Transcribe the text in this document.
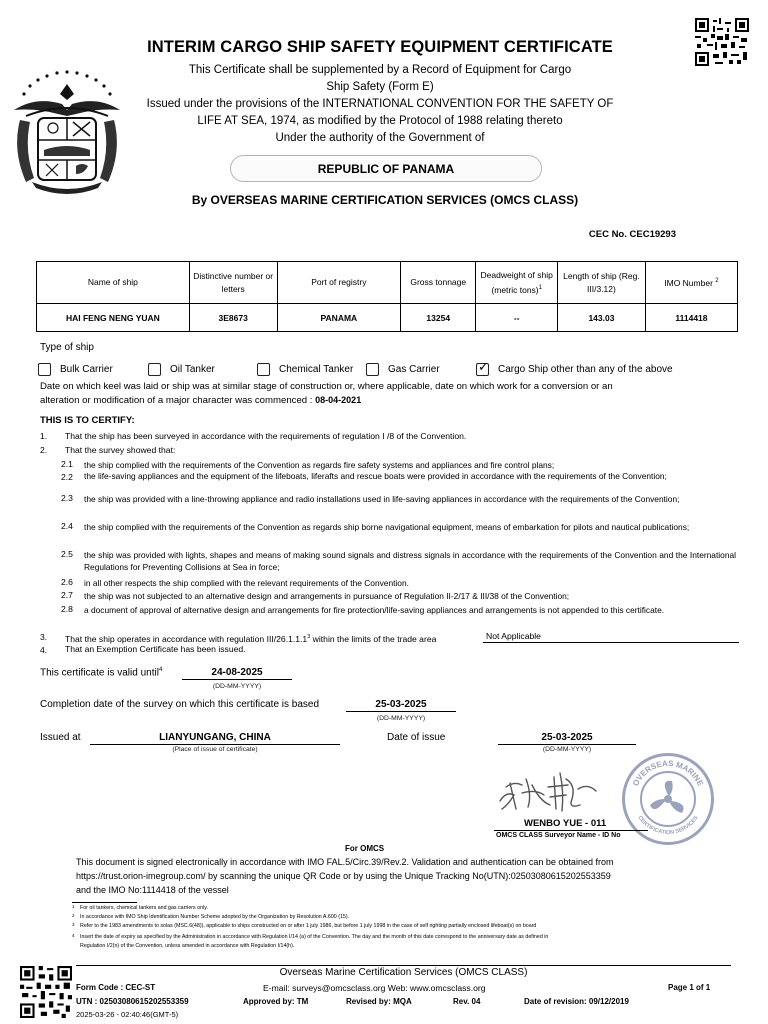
INTERIM CARGO SHIP SAFETY EQUIPMENT CERTIFICATE
This Certificate shall be supplemented by a Record of Equipment for Cargo
Ship Safety (Form E)
Issued under the provisions of the INTERNATIONAL CONVENTION FOR THE SAFETY OF
LIFE AT SEA, 1974, as modified by the Protocol of 1988 relating thereto
Under the authority of the Government of
REPUBLIC OF PANAMA
By OVERSEAS MARINE CERTIFICATION SERVICES (OMCS CLASS)
CEC No. CEC19293
Name of ship	Distinctive number or letters	Port of registry	Gross tonnage	Deadweight of ship (metric tons)$^1$	Length of ship (Reg. III/3.12)	IMO Number $^2$
HAI FENG NENG YUAN	3E8673	PANAMA	13254	--	143.03	1114418
Type of ship
Bulk Carrier	Oil Tanker	Chemical Tanker	Gas Carrier	✓ Cargo Ship other than any of the above
Date on which keel was laid or ship was at similar stage of construction or, where applicable, date on which work for a conversion or an
alteration or modification of a major character was commenced : 08-04-2021
THIS IS TO CERTIFY:
1. That the ship has been surveyed in accordance with the requirements of regulation I /8 of the Convention.
2. That the survey showed that:
2.1 the ship complied with the requirements of the Convention as regards fire safety systems and appliances and fire control plans;
2.2 the life-saving appliances and the equipment of the lifeboats, liferafts and rescue boats were provided in accordance with the requirements of the Convention;
2.3 the ship was provided with a line-throwing appliance and radio installations used in life-saving appliances in accordance with the requirements of the Convention;
2.4 the ship complied with the requirements of the Convention as regards ship borne navigational equipment, means of embarkation for pilots and nautical publications;
2.5 the ship was provided with lights, shapes and means of making sound signals and distress signals in accordance with the requirements of the Convention and the International Regulations for Preventing Collisions at Sea in force;
2.6 in all other respects the ship complied with the relevant requirements of the Convention.
2.7 the ship was not subjected to an alternative design and arrangements in pursuance of Regulation II-2/17 & III/38 of the Convention;
2.8 a document of approval of alternative design and arrangements for fire protection/life-saving appliances and arrangements is not appended to this certificate.
3. That the ship operates in accordance with regulation III/26.1.1.1$^3$ within the limits of the trade area	Not Applicable
4. That an Exemption Certificate has been issued.
This certificate is valid until$^4$	24-08-2025
(DD-MM-YYYY)
Completion date of the survey on which this certificate is based	25-03-2025
(DD-MM-YYYY)
Issued at	LIANYUNGANG, CHINA
(Place of issue of certificate)
Date of issue	25-03-2025
(DD-MM-YYYY)
OVERSEAS MARINE
CERTIFICATION SERVICES
WENBO YUE - 011
OMCS CLASS Surveyor Name - ID No
For OMCS
This document is signed electronically in accordance with IMO FAL.5/Circ.39/Rev.2. Validation and authentication can be obtained from
https://trust.orion-imegroup.com/ by scanning the unique QR Code or by using the Unique Tracking No(UTN):02503080615202553359
and the IMO No:1114418 of the vessel
1 For oil tankers, chemical tankers and gas carriers only.
2 In accordance with IMO Ship Identification Number Scheme adopted by the Organization by Resolution A.600 (15).
3 Refer to the 1983 amendments to solas (MSC.6(48)), applicable to ships constructed on or after 1 july 1986, but before 1 july 1998 in the case of self righting partially enclosed lifeboat(s) on board
4 Insert the date of expiry as specified by the Administration in accordance with Regulation I/14 (a) of the Convention. The day and the month of this date correspond to the anniversary date as defined in
Regulation I/2(n) of the Convention, unless amended in accordance with Regulation I/14(h).
Overseas Marine Certification Services (OMCS CLASS)
Form Code : CEC-ST	E-mail: surveys@omcsclass.org Web: www.omcsclass.org	Page 1 of 1
UTN : 02503080615202553359	Approved by: TM	Revised by: MQA	Rev. 04	Date of revision: 09/12/2019
2025-03-26 - 02:40:46(GMT-5)
